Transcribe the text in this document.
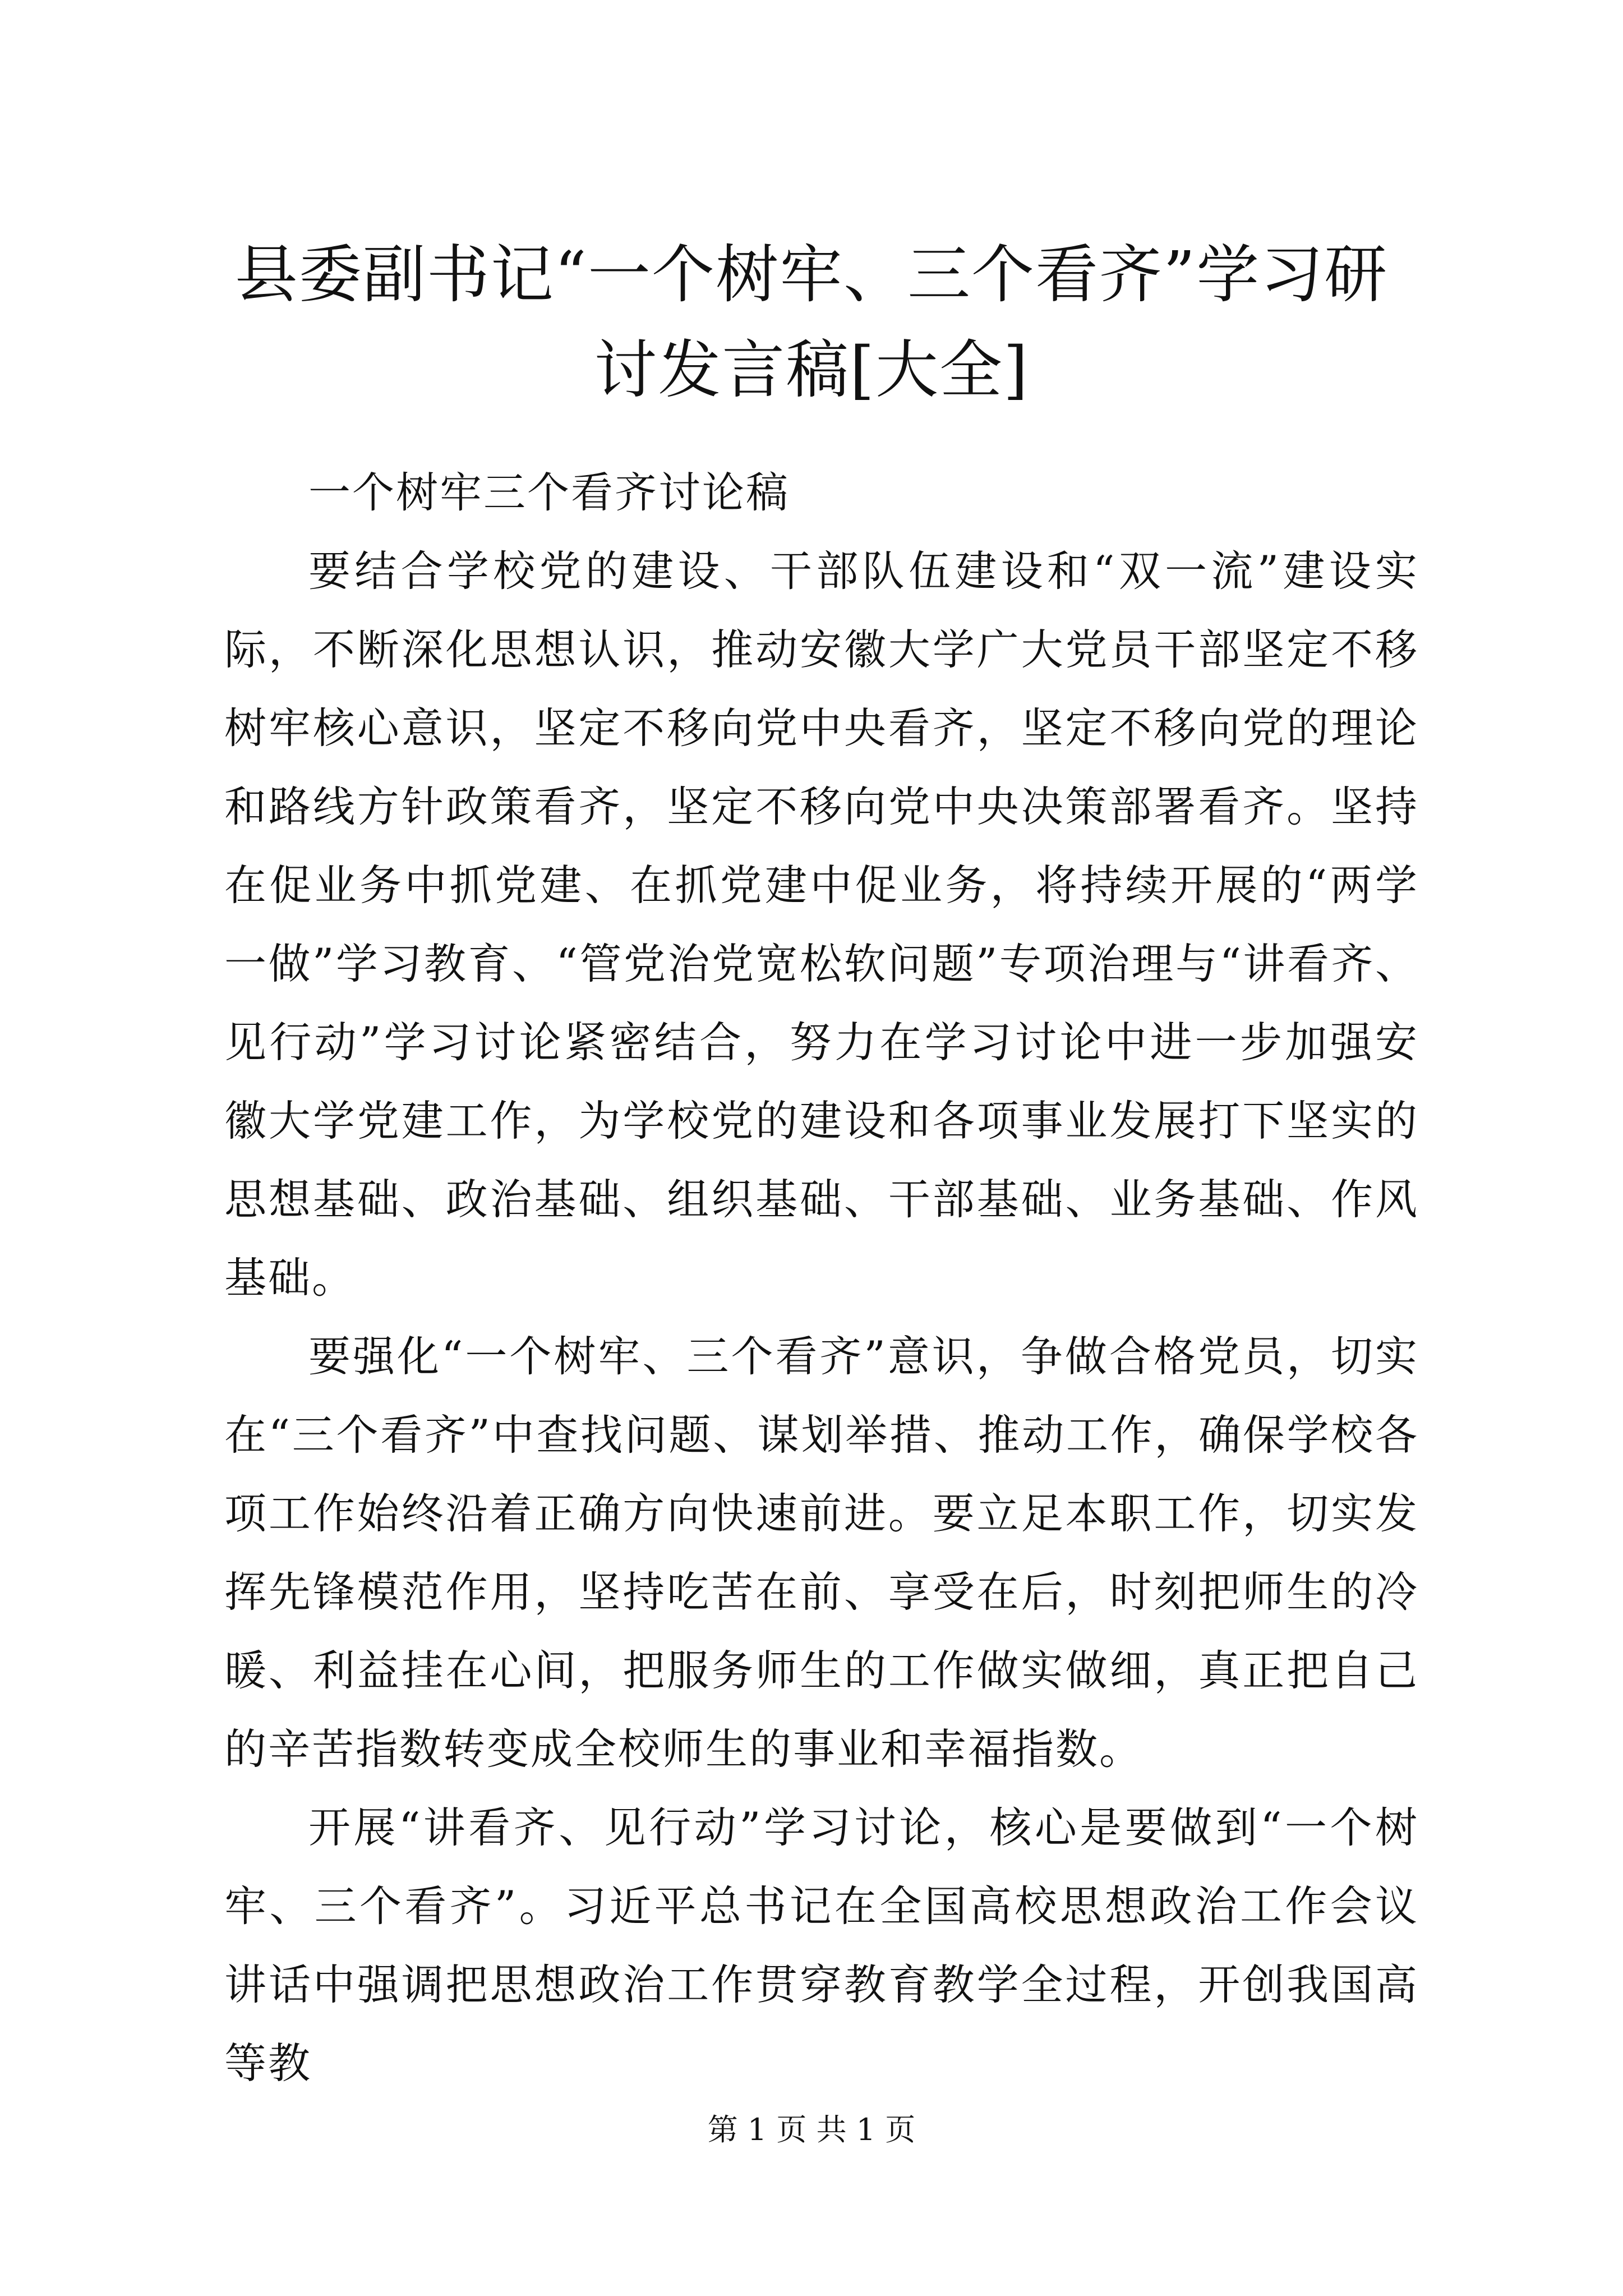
县委副书记“一个树牢、三个看齐”学习研讨发言稿[大全]

一个树牢三个看齐讨论稿

要结合学校党的建设、干部队伍建设和“双一流”建设实际，不断深化思想认识，推动安徽大学广大党员干部坚定不移树牢核心意识，坚定不移向党中央看齐，坚定不移向党的理论和路线方针政策看齐，坚定不移向党中央决策部署看齐。坚持在促业务中抓党建、在抓党建中促业务，将持续开展的“两学一做”学习教育、“管党治党宽松软问题”专项治理与“讲看齐、见行动”学习讨论紧密结合，努力在学习讨论中进一步加强安徽大学党建工作，为学校党的建设和各项事业发展打下坚实的思想基础、政治基础、组织基础、干部基础、业务基础、作风基础。

要强化“一个树牢、三个看齐”意识，争做合格党员，切实在“三个看齐”中查找问题、谋划举措、推动工作，确保学校各项工作始终沿着正确方向快速前进。要立足本职工作，切实发挥先锋模范作用，坚持吃苦在前、享受在后，时刻把师生的冷暖、利益挂在心间，把服务师生的工作做实做细，真正把自己的辛苦指数转变成全校师生的事业和幸福指数。

开展“讲看齐、见行动”学习讨论，核心是要做到“一个树牢、三个看齐”。习近平总书记在全国高校思想政治工作会议讲话中强调把思想政治工作贯穿教育教学全过程，开创我国高等教

第 1 页 共 1 页
